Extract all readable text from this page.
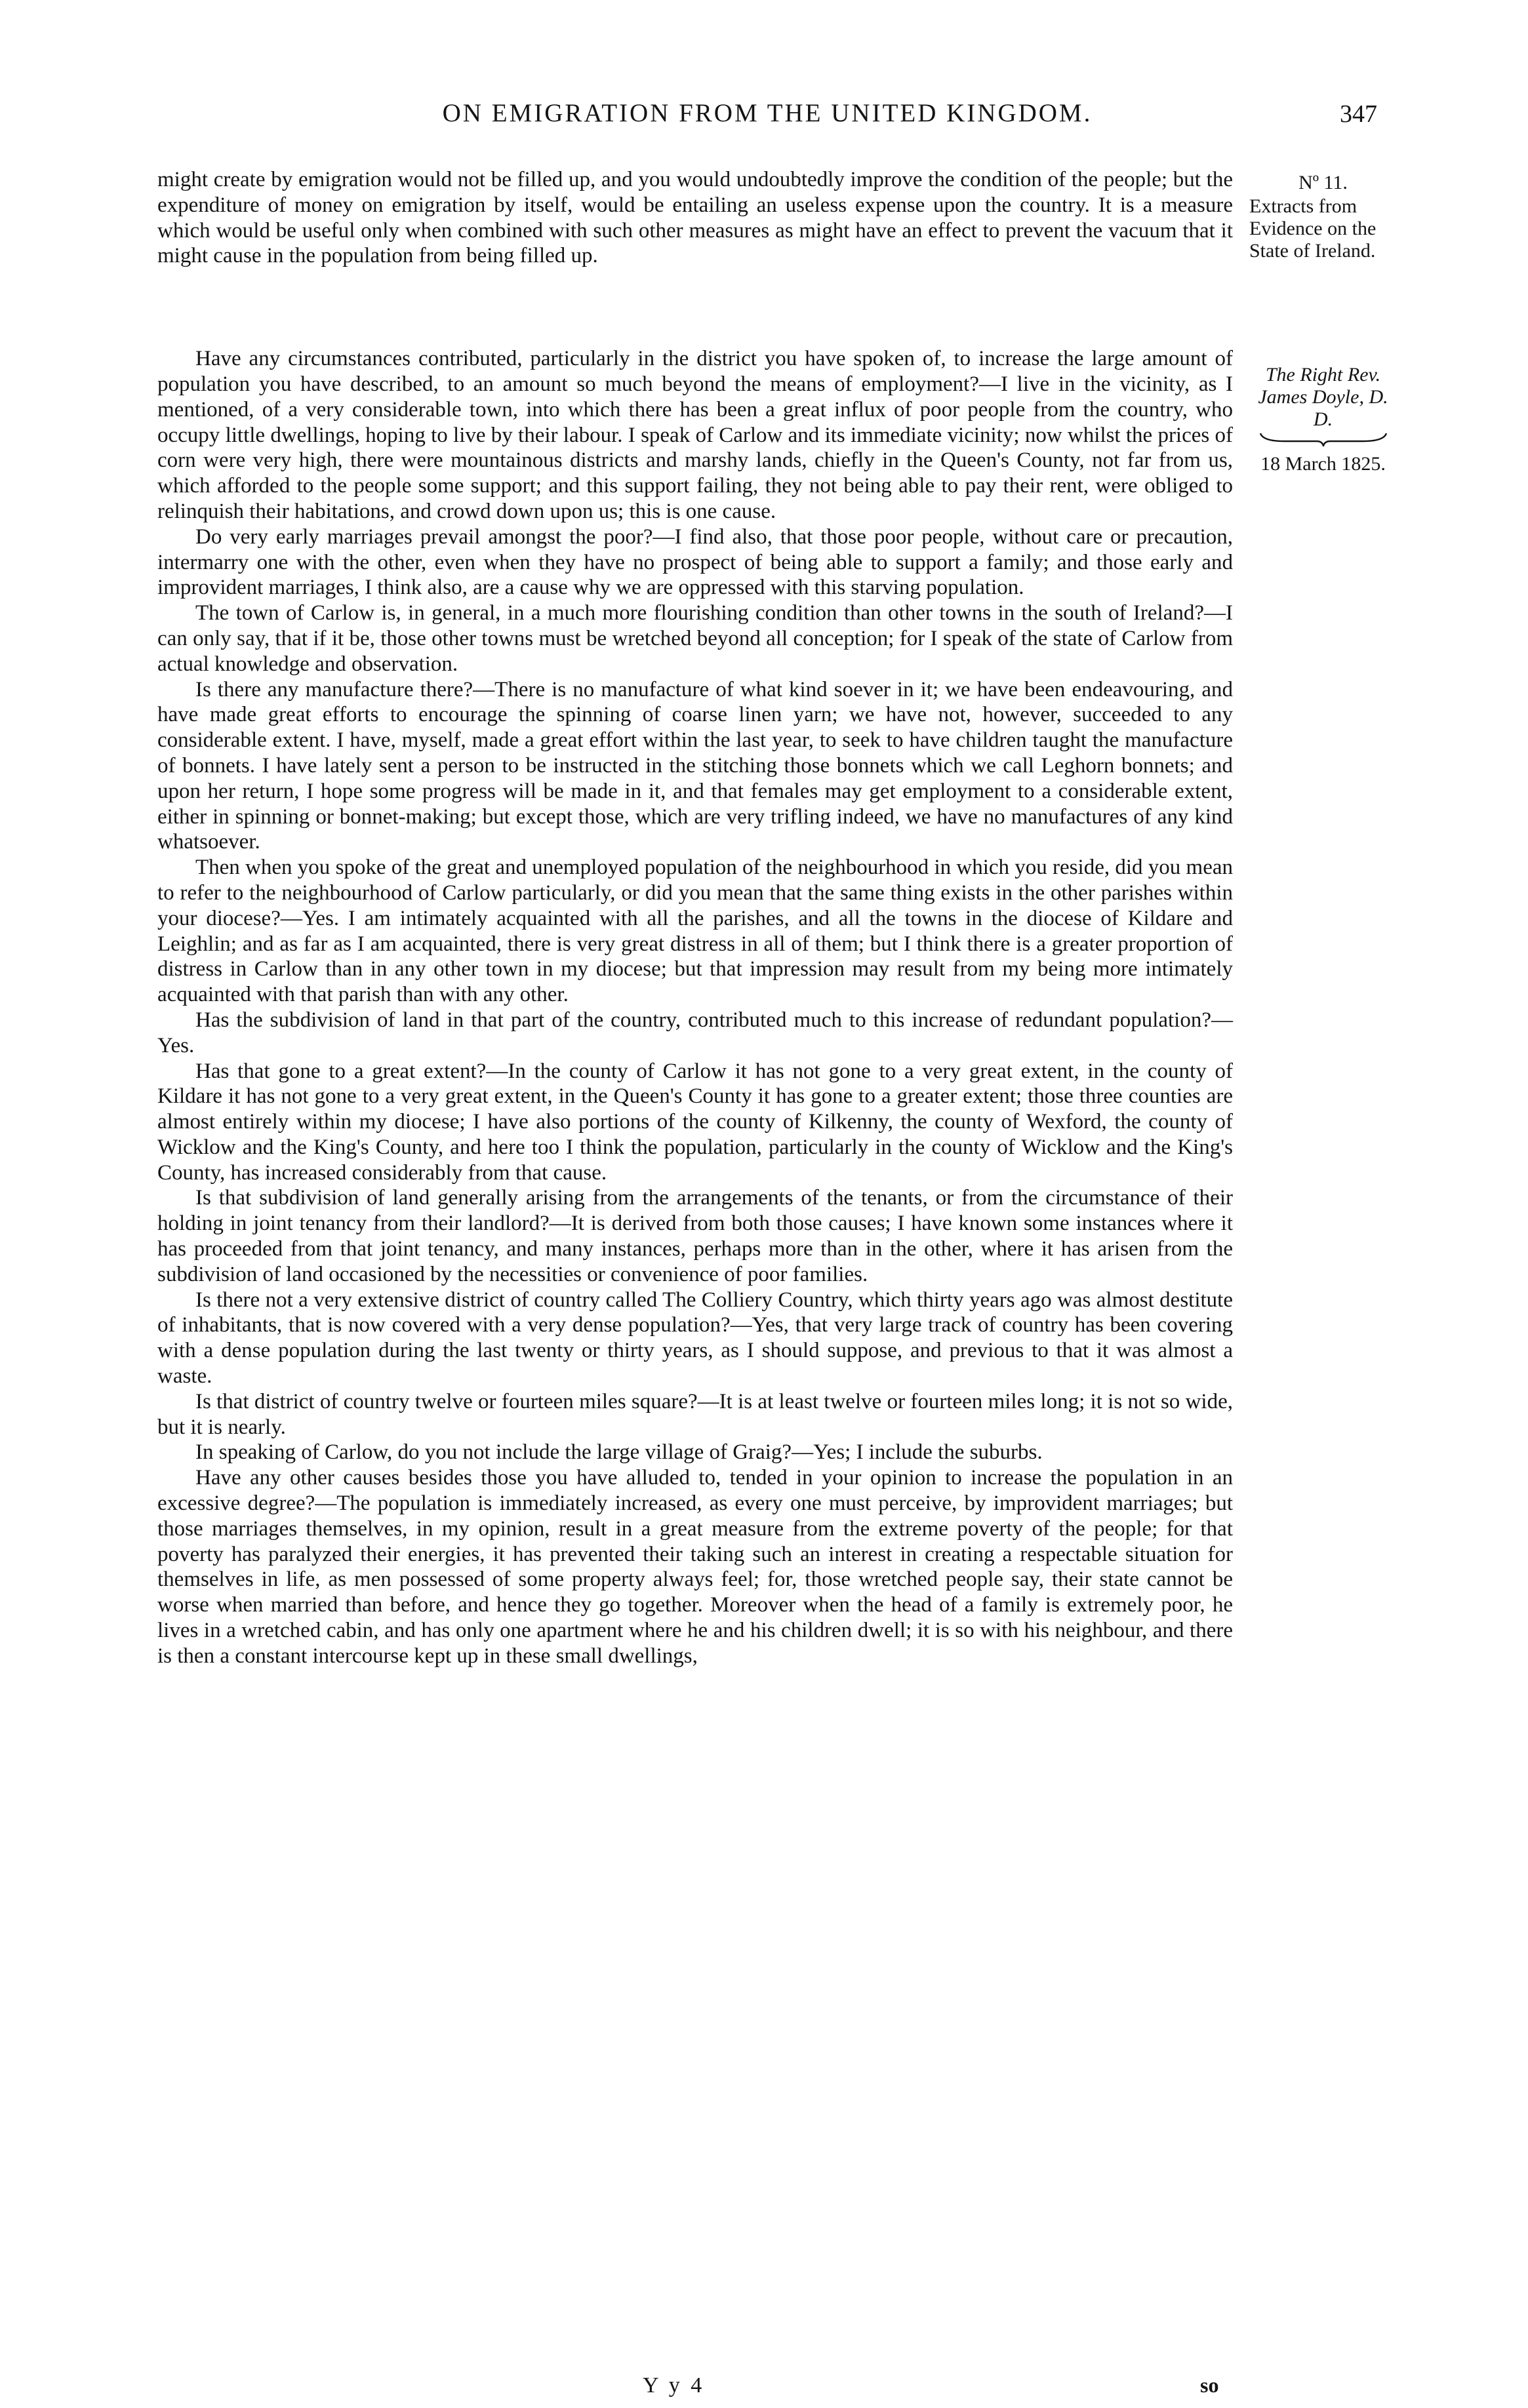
ON EMIGRATION FROM THE UNITED KINGDOM.	347
Nº 11.
Extracts from Evidence on the State of Ireland.
The Right Rev. James Doyle, D. D.
18 March 1825.

might create by emigration would not be filled up, and you would undoubtedly improve the condition of the people; but the expenditure of money on emigration by itself, would be entailing an useless expense upon the country. It is a measure which would be useful only when combined with such other measures as might have an effect to prevent the vacuum that it might cause in the population from being filled up.

Have any circumstances contributed, particularly in the district you have spoken of, to increase the large amount of population you have described, to an amount so much beyond the means of employment?—I live in the vicinity, as I mentioned, of a very considerable town, into which there has been a great influx of poor people from the country, who occupy little dwellings, hoping to live by their labour. I speak of Carlow and its immediate vicinity; now whilst the prices of corn were very high, there were mountainous districts and marshy lands, chiefly in the Queen's County, not far from us, which afforded to the people some support; and this support failing, they not being able to pay their rent, were obliged to relinquish their habitations, and crowd down upon us; this is one cause.

Do very early marriages prevail amongst the poor?—I find also, that those poor people, without care or precaution, intermarry one with the other, even when they have no prospect of being able to support a family; and those early and improvident marriages, I think also, are a cause why we are oppressed with this starving population.

The town of Carlow is, in general, in a much more flourishing condition than other towns in the south of Ireland?—I can only say, that if it be, those other towns must be wretched beyond all conception; for I speak of the state of Carlow from actual knowledge and observation.

Is there any manufacture there?—There is no manufacture of what kind soever in it; we have been endeavouring, and have made great efforts to encourage the spinning of coarse linen yarn; we have not, however, succeeded to any considerable extent. I have, myself, made a great effort within the last year, to seek to have children taught the manufacture of bonnets. I have lately sent a person to be instructed in the stitching those bonnets which we call Leghorn bonnets; and upon her return, I hope some progress will be made in it, and that females may get employment to a considerable extent, either in spinning or bonnet-making; but except those, which are very trifling indeed, we have no manufactures of any kind whatsoever.

Then when you spoke of the great and unemployed population of the neighbourhood in which you reside, did you mean to refer to the neighbourhood of Carlow particularly, or did you mean that the same thing exists in the other parishes within your diocese?—Yes. I am intimately acquainted with all the parishes, and all the towns in the diocese of Kildare and Leighlin; and as far as I am acquainted, there is very great distress in all of them; but I think there is a greater proportion of distress in Carlow than in any other town in my diocese; but that impression may result from my being more intimately acquainted with that parish than with any other.

Has the subdivision of land in that part of the country, contributed much to this increase of redundant population?—Yes.

Has that gone to a great extent?—In the county of Carlow it has not gone to a very great extent, in the county of Kildare it has not gone to a very great extent, in the Queen's County it has gone to a greater extent; those three counties are almost entirely within my diocese; I have also portions of the county of Kilkenny, the county of Wexford, the county of Wicklow and the King's County, and here too I think the population, particularly in the county of Wicklow and the King's County, has increased considerably from that cause.

Is that subdivision of land generally arising from the arrangements of the tenants, or from the circumstance of their holding in joint tenancy from their landlord?—It is derived from both those causes; I have known some instances where it has proceeded from that joint tenancy, and many instances, perhaps more than in the other, where it has arisen from the subdivision of land occasioned by the necessities or convenience of poor families.

Is there not a very extensive district of country called The Colliery Country, which thirty years ago was almost destitute of inhabitants, that is now covered with a very dense population?—Yes, that very large track of country has been covering with a dense population during the last twenty or thirty years, as I should suppose, and previous to that it was almost a waste.

Is that district of country twelve or fourteen miles square?—It is at least twelve or fourteen miles long; it is not so wide, but it is nearly.

In speaking of Carlow, do you not include the large village of Graig?—Yes; I include the suburbs.

Have any other causes besides those you have alluded to, tended in your opinion to increase the population in an excessive degree?—The population is immediately increased, as every one must perceive, by improvident marriages; but those marriages themselves, in my opinion, result in a great measure from the extreme poverty of the people; for that poverty has paralyzed their energies, it has prevented their taking such an interest in creating a respectable situation for themselves in life, as men possessed of some property always feel; for, those wretched people say, their state cannot be worse when married than before, and hence they go together. Moreover when the head of a family is extremely poor, he lives in a wretched cabin, and has only one apartment where he and his children dwell; it is so with his neighbour, and there is then a constant intercourse kept up in these small dwellings,

Y y 4	so
